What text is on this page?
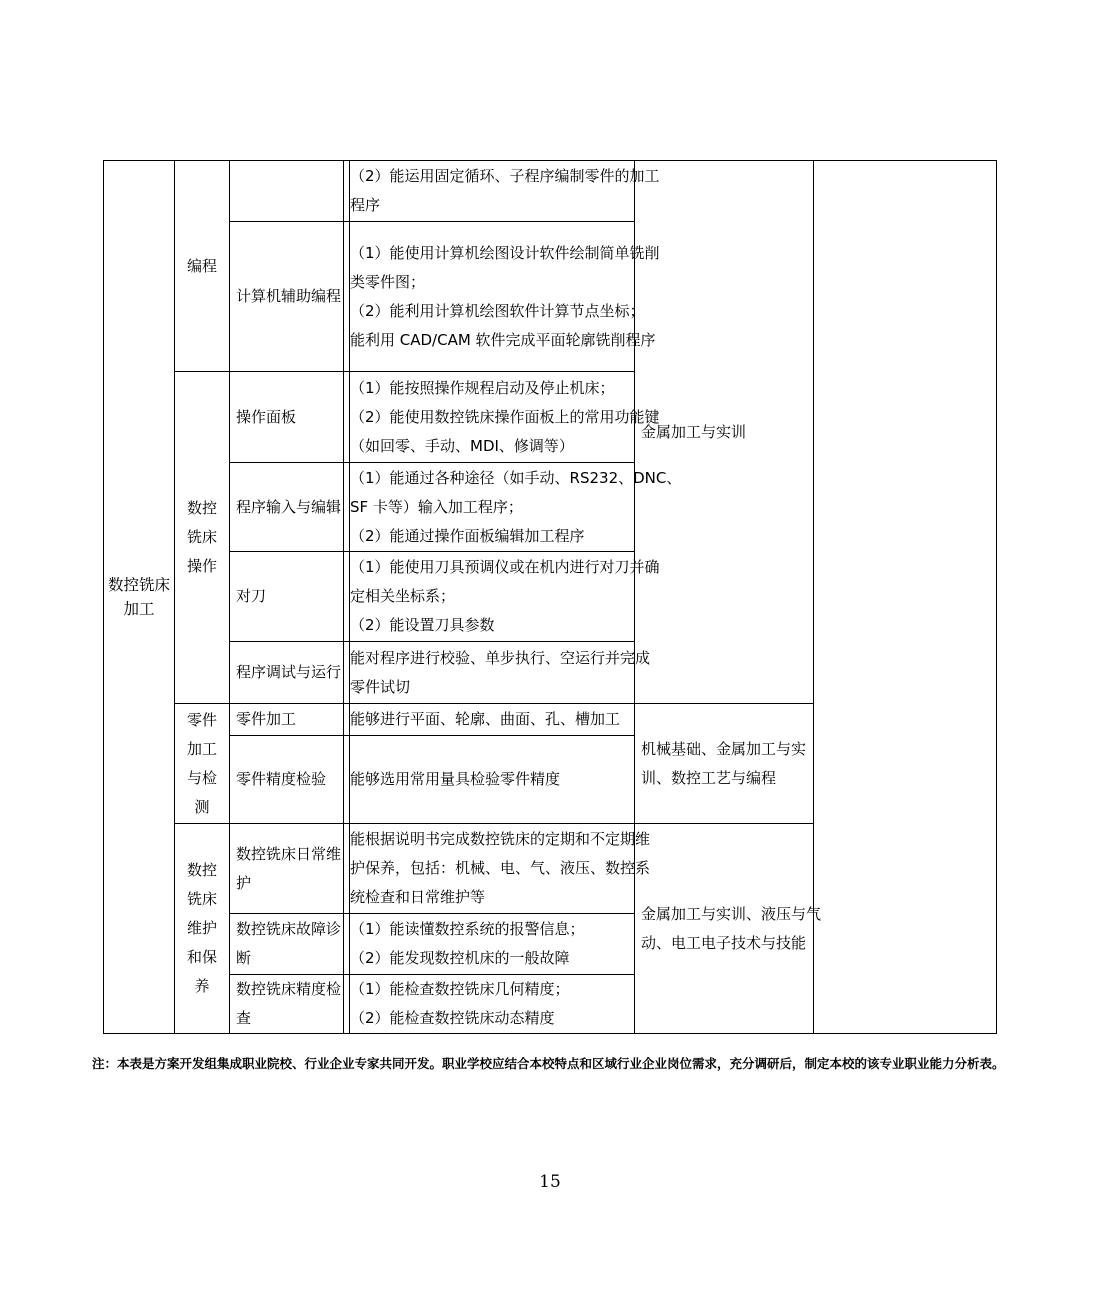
数控铣床
加工
编程
数控
铣床
操作
零件
加工
与检
测
数控
铣床
维护
和保
养
计算机辅助编程
操作面板
程序输入与编辑
对刀
程序调试与运行
零件加工
零件精度检验
数控铣床日常维
护
数控铣床故障诊
断
数控铣床精度检
查
（2）能运用固定循环、子程序编制零件的加工
程序
（1）能使用计算机绘图设计软件绘制简单铣削
类零件图；
（2）能利用计算机绘图软件计算节点坐标；
能利用 CAD/CAM 软件完成平面轮廓铣削程序
（1）能按照操作规程启动及停止机床；
（2）能使用数控铣床操作面板上的常用功能键
（如回零、手动、MDI、修调等）
（1）能通过各种途径（如手动、RS232、DNC、
SF 卡等）输入加工程序；
（2）能通过操作面板编辑加工程序
（1）能使用刀具预调仪或在机内进行对刀并确
定相关坐标系；
（2）能设置刀具参数
能对程序进行校验、单步执行、空运行并完成
零件试切
能够进行平面、轮廓、曲面、孔、槽加工
能够选用常用量具检验零件精度
能根据说明书完成数控铣床的定期和不定期维
护保养，包括：机械、电、气、液压、数控系
统检查和日常维护等
（1）能读懂数控系统的报警信息；
（2）能发现数控机床的一般故障
（1）能检查数控铣床几何精度；
（2）能检查数控铣床动态精度
金属加工与实训
机械基础、金属加工与实
训、数控工艺与编程
金属加工与实训、液压与气
动、电工电子技术与技能
注：本表是方案开发组集成职业院校、行业企业专家共同开发。职业学校应结合本校特点和区域行业企业岗位需求，充分调研后，制定本校的该专业职业能力分析表。
15
